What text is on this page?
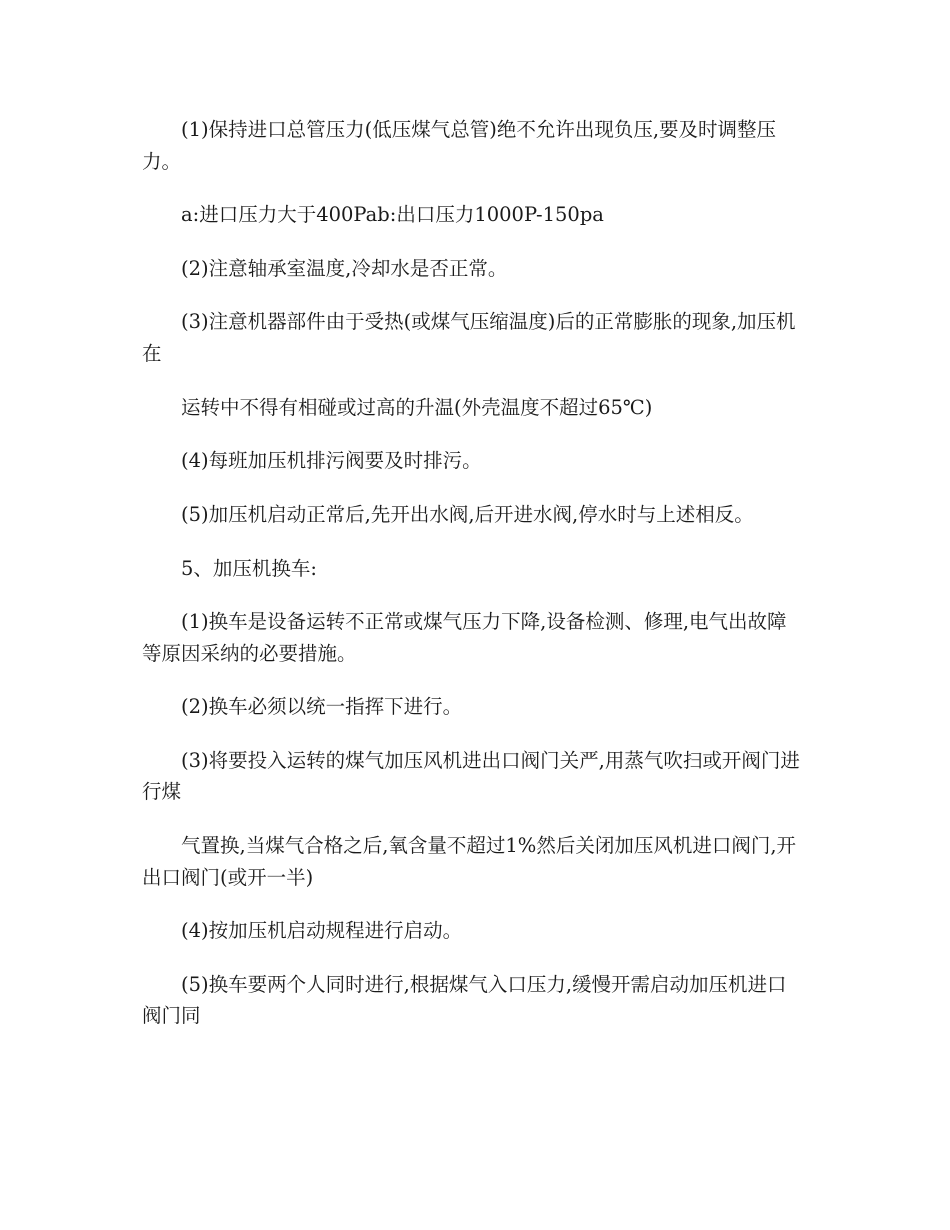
(1)保持进口总管压力(低压煤气总管)绝不允许出现负压,要及时调整压力。

a:进口压力大于400Pab:出口压力1000P-150pa

(2)注意轴承室温度,冷却水是否正常。

(3)注意机器部件由于受热(或煤气压缩温度)后的正常膨胀的现象,加压机在

运转中不得有相碰或过高的升温(外壳温度不超过65℃)

(4)每班加压机排污阀要及时排污。

(5)加压机启动正常后,先开出水阀,后开进水阀,停水时与上述相反。

5、加压机换车:

(1)换车是设备运转不正常或煤气压力下降,设备检测、修理,电气出故障等原因采纳的必要措施。

(2)换车必须以统一指挥下进行。

(3)将要投入运转的煤气加压风机进出口阀门关严,用蒸气吹扫或开阀门进行煤

气置换,当煤气合格之后,氧含量不超过1%然后关闭加压风机进口阀门,开出口阀门(或开一半)

(4)按加压机启动规程进行启动。

(5)换车要两个人同时进行,根据煤气入口压力,缓慢开需启动加压机进口阀门同
